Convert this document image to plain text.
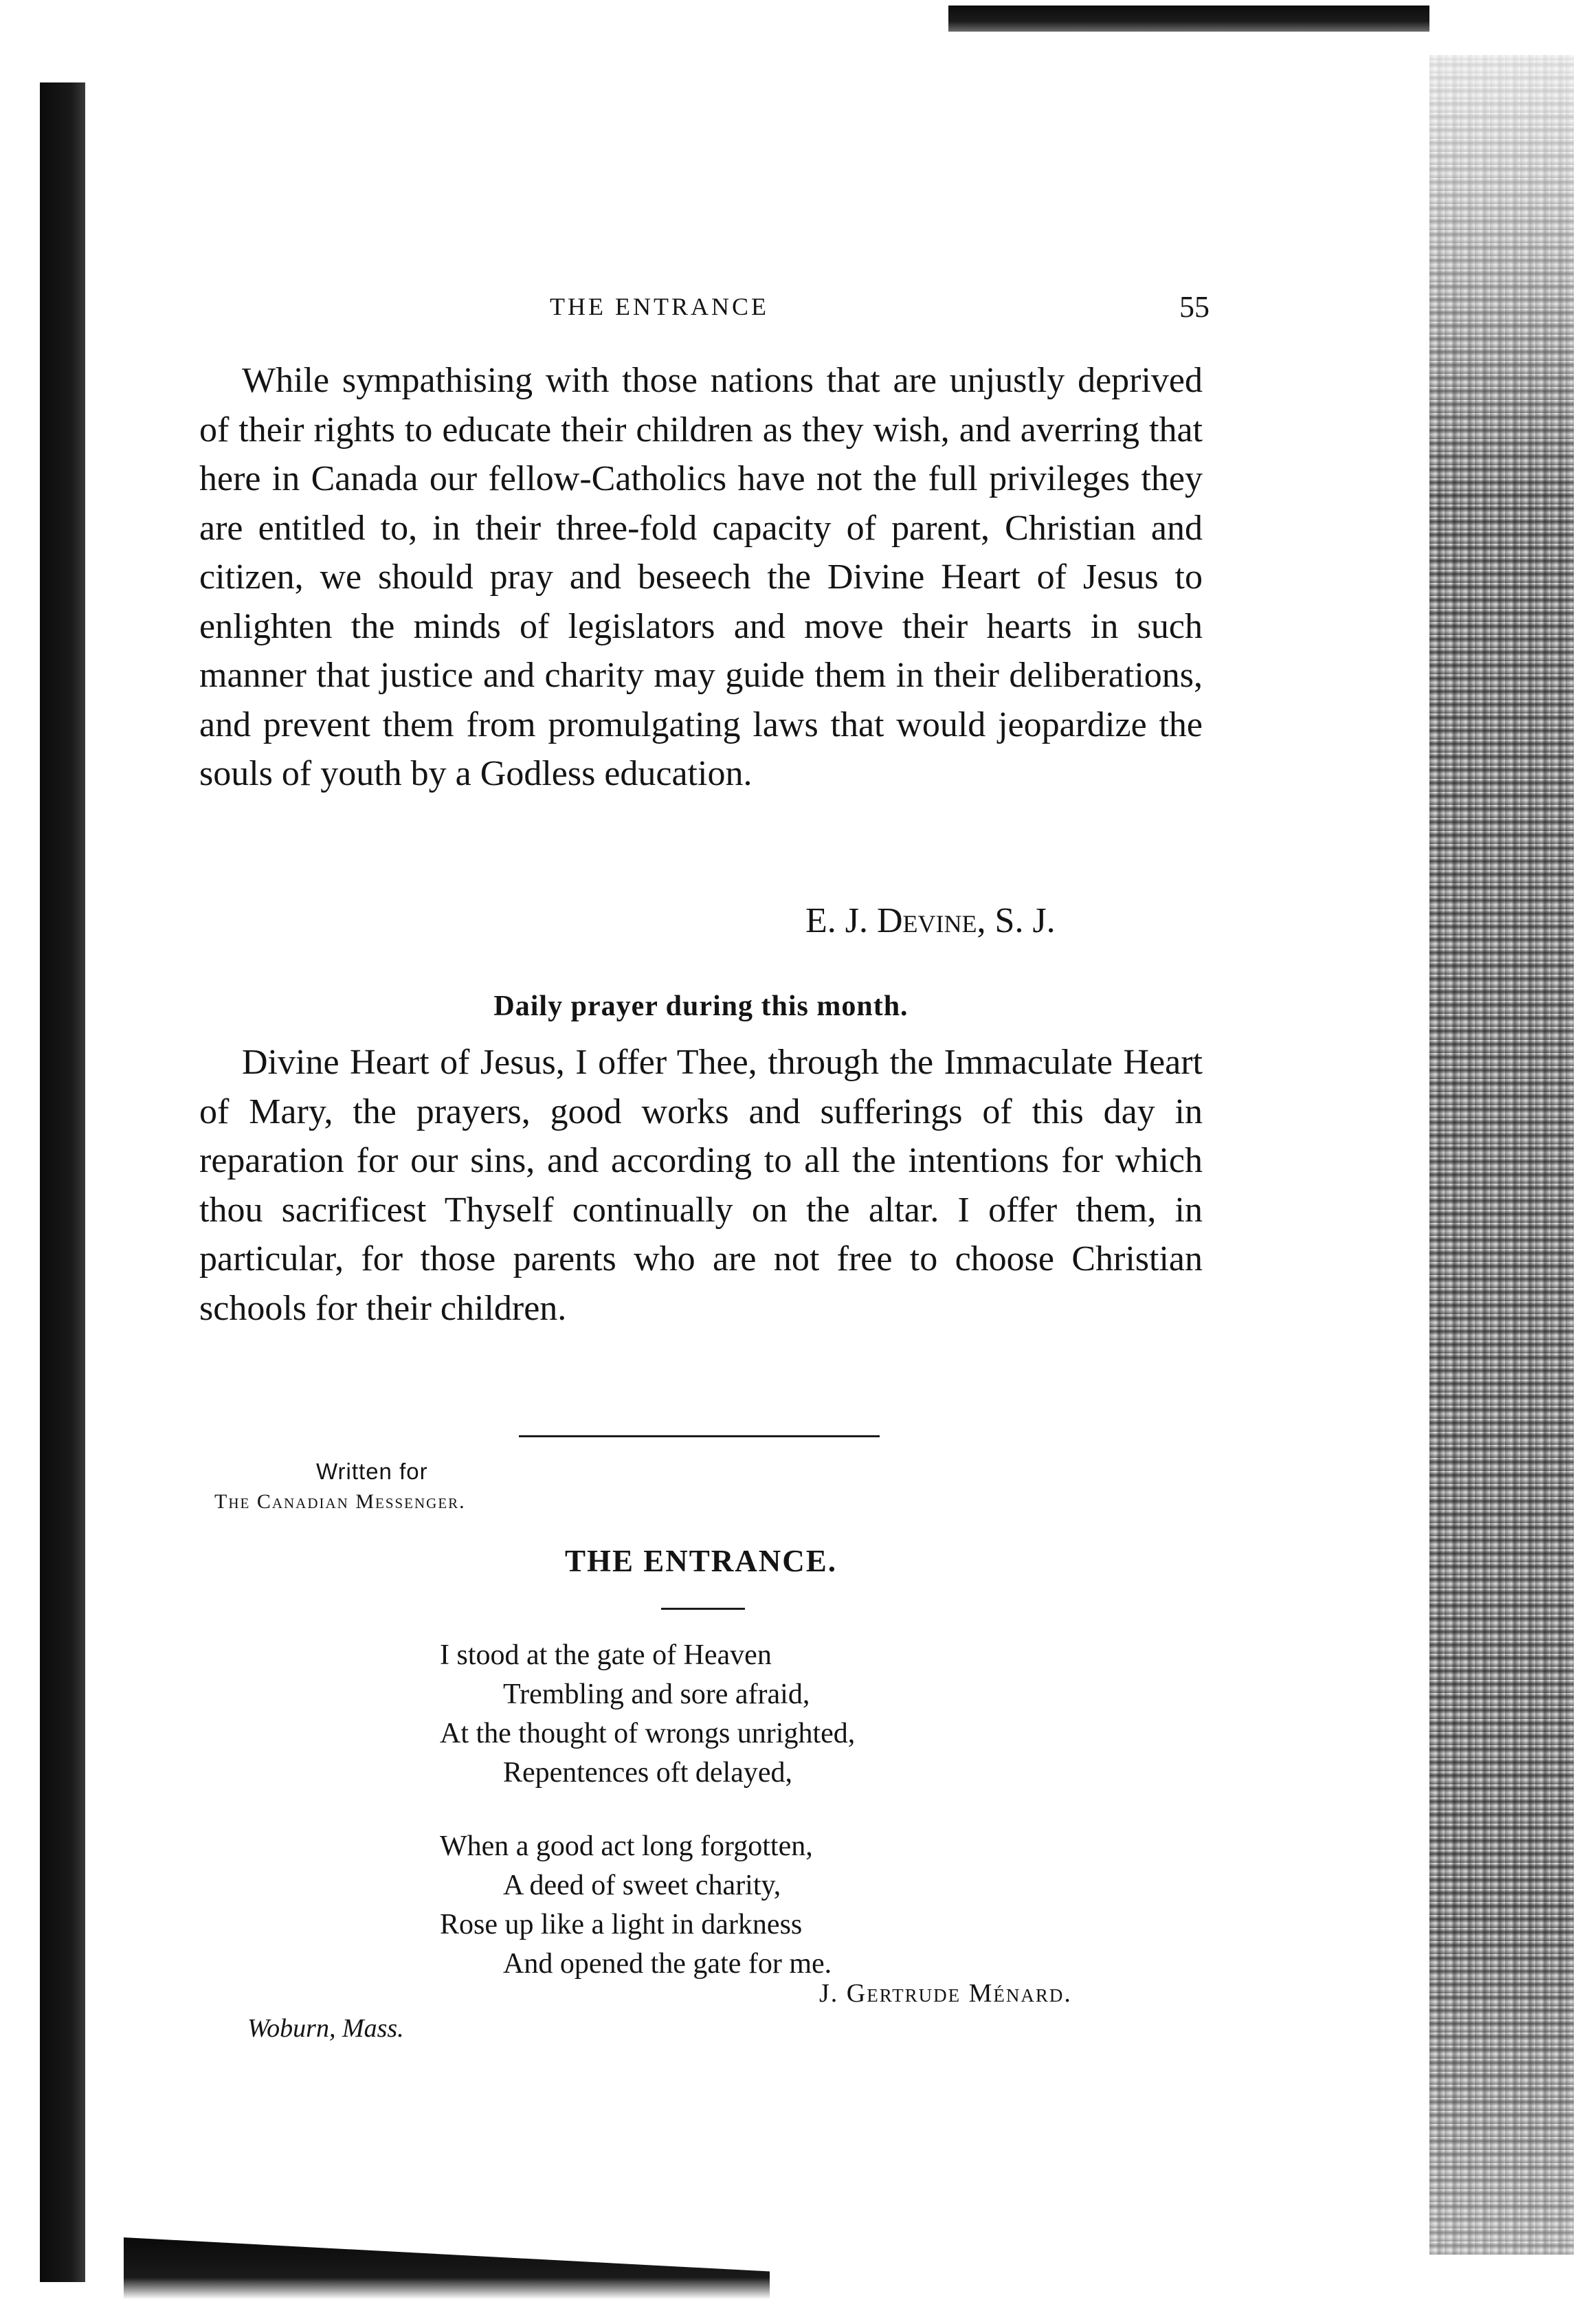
THE ENTRANCE	55

While sympathising with those nations that are unjustly deprived of their rights to educate their children as they wish, and averring that here in Canada our fellow-Catholics have not the full privileges they are entitled to, in their three-fold capacity of parent, Christian and citizen, we should pray and beseech the Divine Heart of Jesus to enlighten the minds of legislators and move their hearts in such manner that justice and charity may guide them in their deliberations, and prevent them from promulgating laws that would jeopardize the souls of youth by a Godless education.

E. J. Devine, S. J.
Daily prayer during this month.

Divine Heart of Jesus, I offer Thee, through the Immaculate Heart of Mary, the prayers, good works and sufferings of this day in reparation for our sins, and according to all the intentions for which thou sacrificest Thyself continually on the altar. I offer them, in particular, for those parents who are not free to choose Christian schools for their children.

Written for
The Canadian Messenger.
THE ENTRANCE.
I stood at the gate of Heaven
Trembling and sore afraid,
At the thought of wrongs unrighted,
Repentences oft delayed,
When a good act long forgotten,
A deed of sweet charity,
Rose up like a light in darkness
And opened the gate for me.
J. Gertrude Ménard.
Woburn, Mass.
